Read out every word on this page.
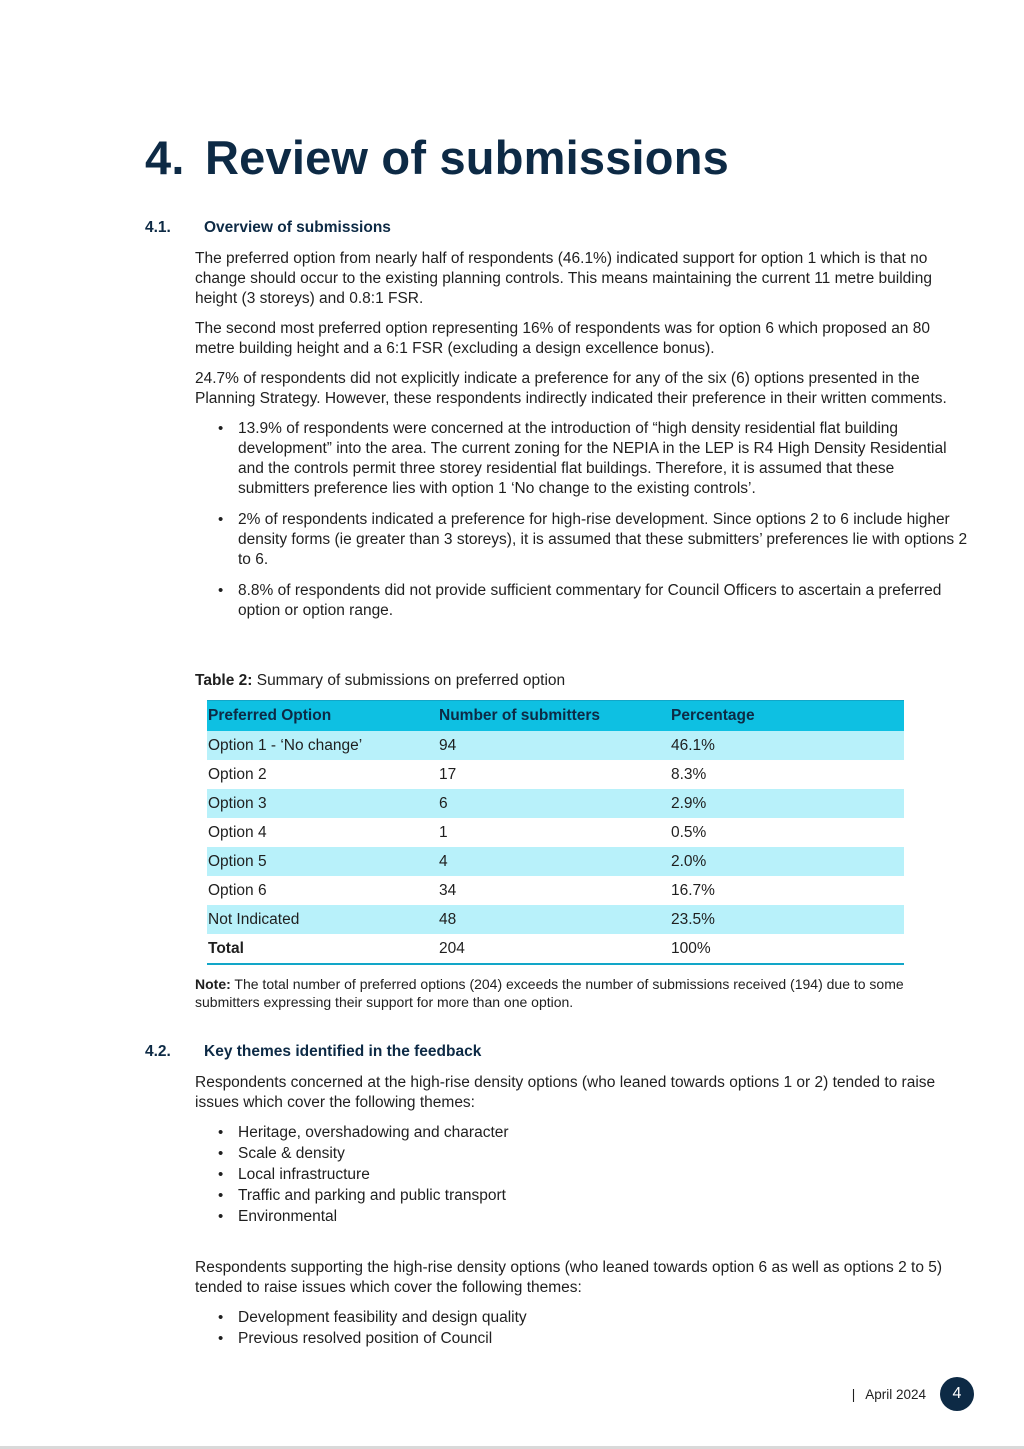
4. Review of submissions
4.1. Overview of submissions

The preferred option from nearly half of respondents (46.1%) indicated support for option 1 which is that no change should occur to the existing planning controls. This means maintaining the current 11 metre building height (3 storeys) and 0.8:1 FSR.

The second most preferred option representing 16% of respondents was for option 6 which proposed an 80 metre building height and a 6:1 FSR (excluding a design excellence bonus).

24.7% of respondents did not explicitly indicate a preference for any of the six (6) options presented in the Planning Strategy. However, these respondents indirectly indicated their preference in their written comments.

• 13.9% of respondents were concerned at the introduction of “high density residential flat building development” into the area. The current zoning for the NEPIA in the LEP is R4 High Density Residential and the controls permit three storey residential flat buildings. Therefore, it is assumed that these submitters preference lies with option 1 ‘No change to the existing controls’.
• 2% of respondents indicated a preference for high-rise development. Since options 2 to 6 include higher density forms (ie greater than 3 storeys), it is assumed that these submitters’ preferences lie with options 2 to 6.
• 8.8% of respondents did not provide sufficient commentary for Council Officers to ascertain a preferred option or option range.
Table 2: Summary of submissions on preferred option
Preferred Option	Number of submitters	Percentage
Option 1 - ‘No change’	94	46.1%
Option 2	17	8.3%
Option 3	6	2.9%
Option 4	1	0.5%
Option 5	4	2.0%
Option 6	34	16.7%
Not Indicated	48	23.5%
Total	204	100%
Note: The total number of preferred options (204) exceeds the number of submissions received (194) due to some submitters expressing their support for more than one option.
4.2. Key themes identified in the feedback

Respondents concerned at the high-rise density options (who leaned towards options 1 or 2) tended to raise issues which cover the following themes:

• Heritage, overshadowing and character
• Scale & density
• Local infrastructure
• Traffic and parking and public transport
• Environmental

Respondents supporting the high-rise density options (who leaned towards option 6 as well as options 2 to 5) tended to raise issues which cover the following themes:

• Development feasibility and design quality
• Previous resolved position of Council
| April 2024	4
